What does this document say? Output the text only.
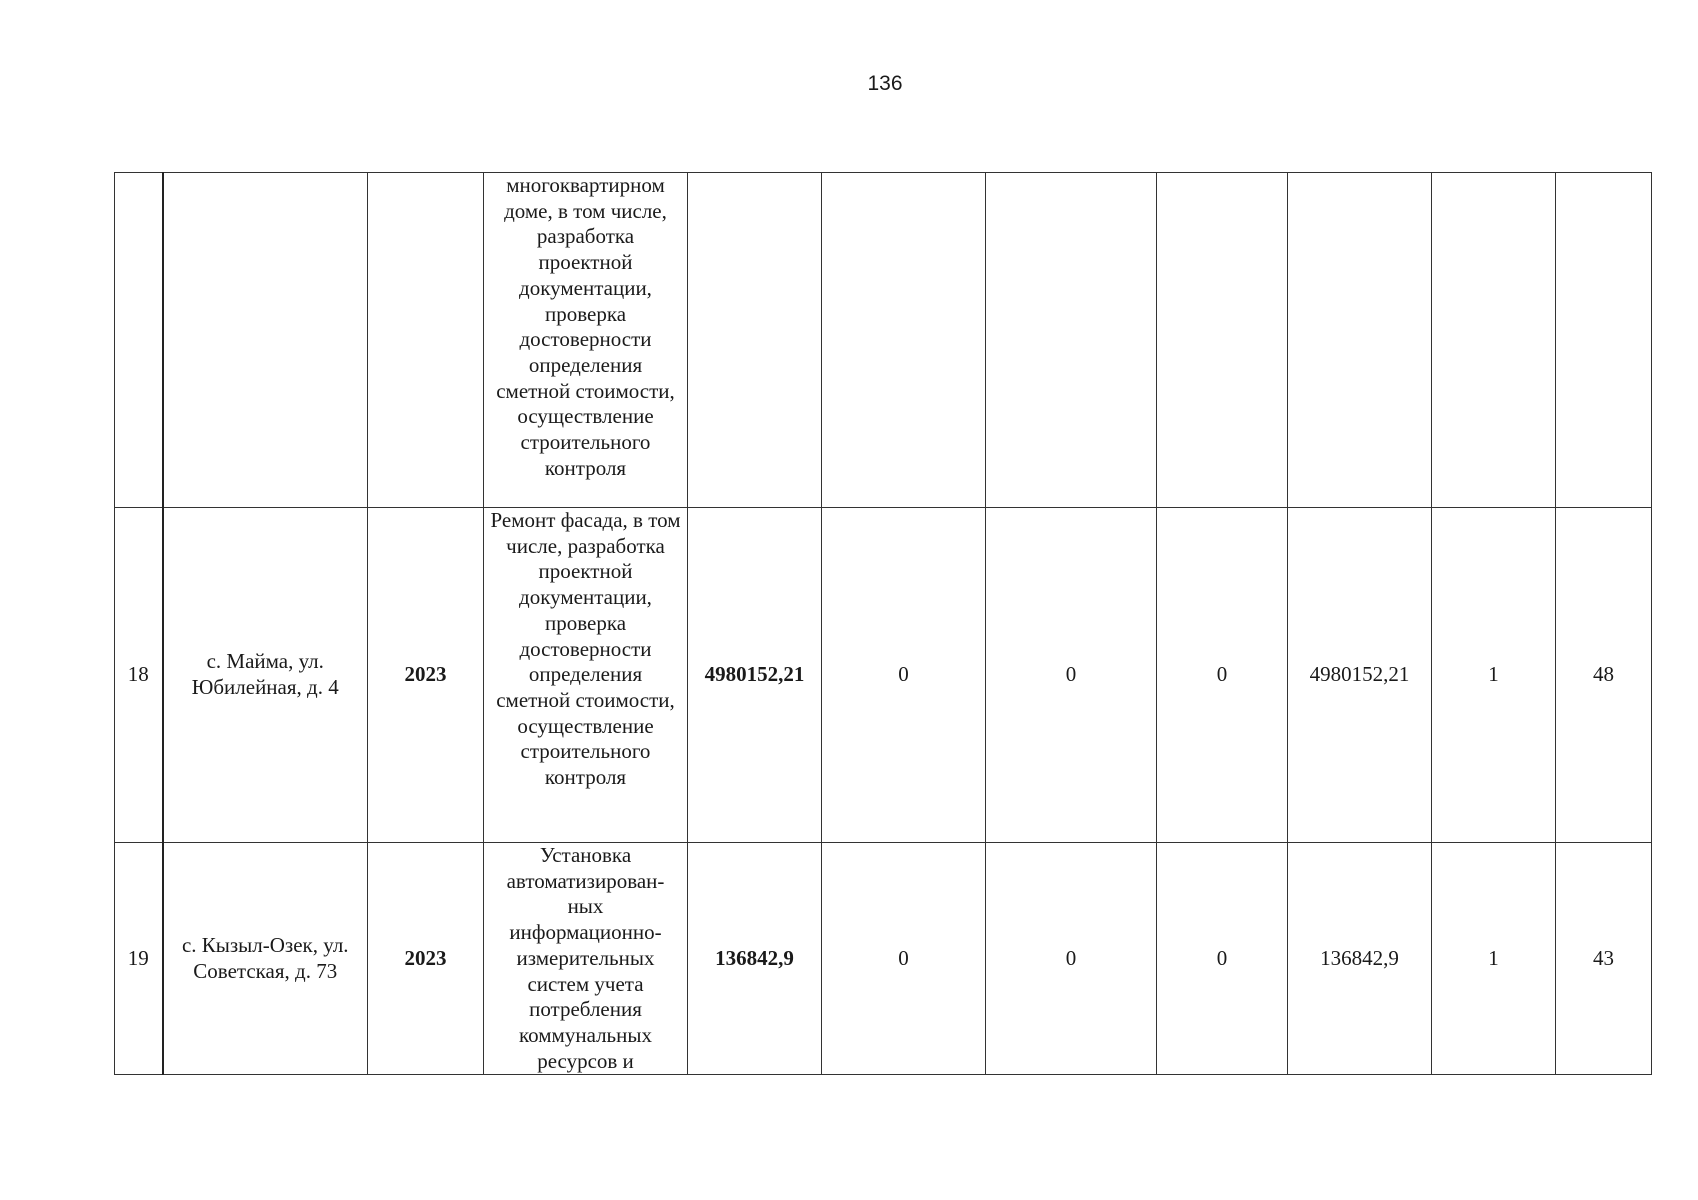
136
			многоквартирном доме, в том числе, разработка проектной документации, проверка достоверности определения сметной стоимости, осуществление строительного контроля							
18	с. Майма, ул. Юбилейная, д. 4	2023	Ремонт фасада, в том числе, разработка проектной документации, проверка достоверности определения сметной стоимости, осуществление строительного контроля	4980152,21	0	0	0	4980152,21	1	48
19	с. Кызыл-Озек, ул. Советская, д. 73	2023	Установка автоматизирован-ных информационно-измерительных систем учета потребления коммунальных ресурсов и	136842,9	0	0	0	136842,9	1	43
